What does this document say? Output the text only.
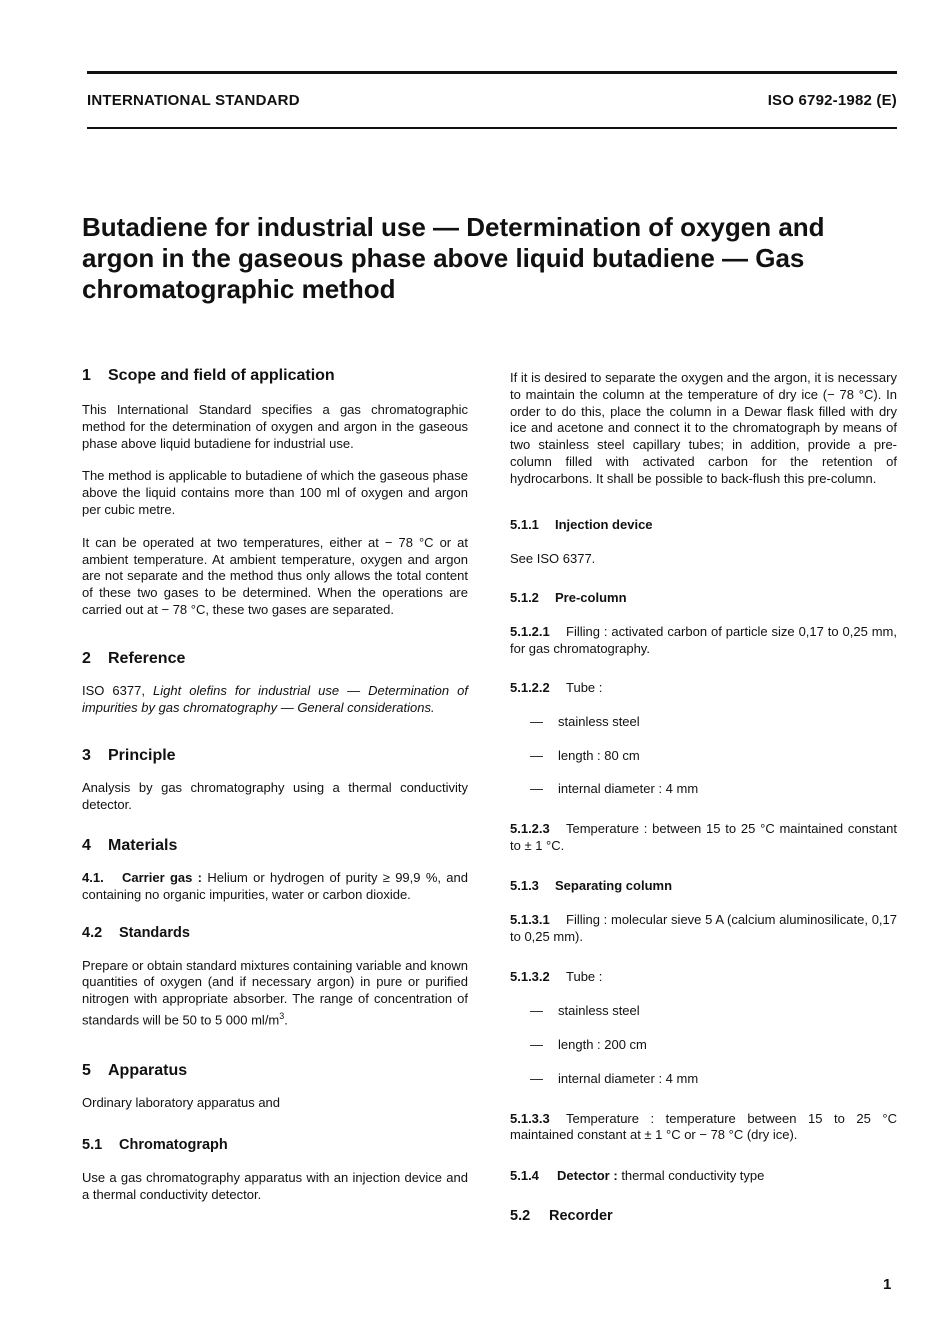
INTERNATIONAL STANDARD	ISO 6792-1982 (E)
Butadiene for industrial use — Determination of oxygen and argon in the gaseous phase above liquid butadiene — Gas chromatographic method
1 Scope and field of application

This International Standard specifies a gas chromatographic method for the determination of oxygen and argon in the gaseous phase above liquid butadiene for industrial use.

The method is applicable to butadiene of which the gaseous phase above the liquid contains more than 100 ml of oxygen and argon per cubic metre.

It can be operated at two temperatures, either at − 78 °C or at ambient temperature. At ambient temperature, oxygen and argon are not separate and the method thus only allows the total content of these two gases to be determined. When the operations are carried out at − 78 °C, these two gases are separated.

2 Reference

ISO 6377, Light olefins for industrial use — Determination of impurities by gas chromatography — General considerations.

3 Principle

Analysis by gas chromatography using a thermal conductivity detector.

4 Materials

4.1. Carrier gas : Helium or hydrogen of purity ≥ 99,9 %, and containing no organic impurities, water or carbon dioxide.

4.2 Standards

Prepare or obtain standard mixtures containing variable and known quantities of oxygen (and if necessary argon) in pure or purified nitrogen with appropriate absorber. The range of concentration of standards will be 50 to 5 000 $ml/m^3$.

5 Apparatus

Ordinary laboratory apparatus and

5.1 Chromatograph

Use a gas chromatography apparatus with an injection device and a thermal conductivity detector.

If it is desired to separate the oxygen and the argon, it is necessary to maintain the column at the temperature of dry ice (− 78 °C). In order to do this, place the column in a Dewar flask filled with dry ice and acetone and connect it to the chromatograph by means of two stainless steel capillary tubes; in addition, provide a pre-column filled with activated carbon for the retention of hydrocarbons. It shall be possible to back-flush this pre-column.

5.1.1 Injection device

See ISO 6377.

5.1.2 Pre-column

5.1.2.1 Filling : activated carbon of particle size 0,17 to 0,25 mm, for gas chromatography.

5.1.2.2 Tube :

— stainless steel

— length : 80 cm

— internal diameter : 4 mm

5.1.2.3 Temperature : between 15 to 25 °C maintained constant to ± 1 °C.

5.1.3 Separating column

5.1.3.1 Filling : molecular sieve 5 A (calcium aluminosilicate, 0,17 to 0,25 mm).

5.1.3.2 Tube :

— stainless steel

— length : 200 cm

— internal diameter : 4 mm

5.1.3.3 Temperature : temperature between 15 to 25 °C maintained constant at ± 1 °C or − 78 °C (dry ice).

5.1.4 Detector : thermal conductivity type

5.2 Recorder
1
